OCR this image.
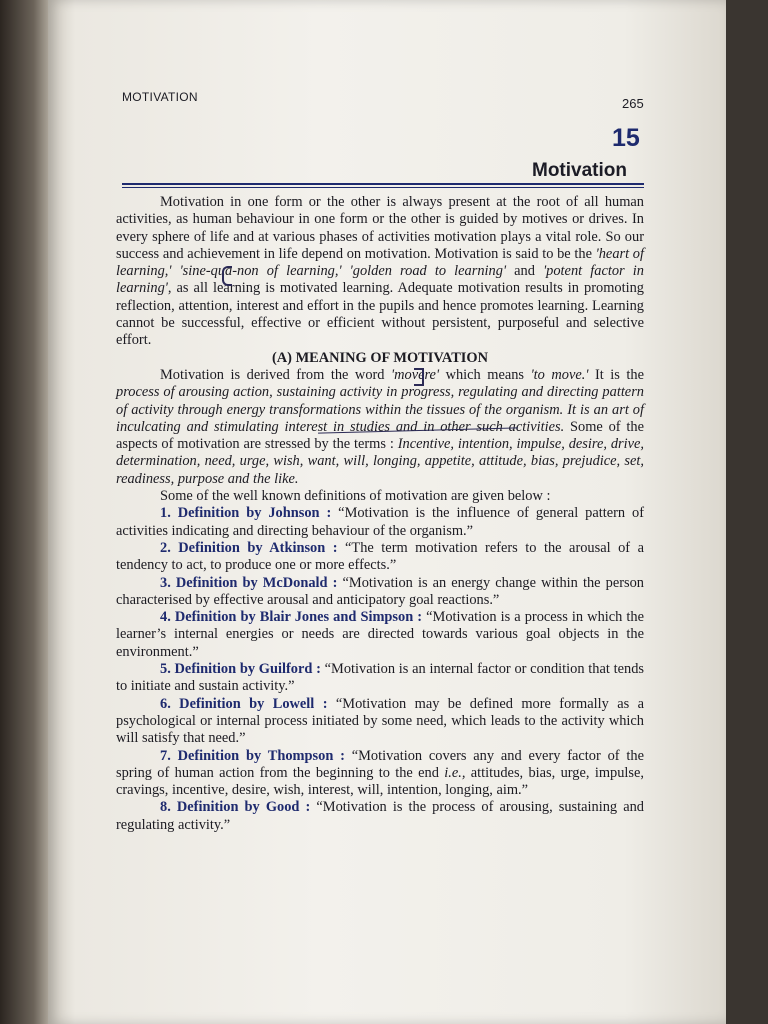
MOTIVATION	265
15
Motivation

Motivation in one form or the other is always present at the root of all human activities, as human behaviour in one form or the other is guided by motives or drives. In every sphere of life and at various phases of activities motivation plays a vital role. So our success and achievement in life depend on motivation. Motivation is said to be the 'heart of learning,' 'sine-qua-non of learning,' 'golden road to learning' and 'potent factor in learning', as all learning is motivated learning. Adequate motivation results in promoting reflection, attention, interest and effort in the pupils and hence promotes learning. Learning cannot be successful, effective or efficient without persistent, purposeful and selective effort.

(A) MEANING OF MOTIVATION

Motivation is derived from the word 'movere' which means 'to move.' It is the process of arousing action, sustaining activity in progress, regulating and directing pattern of activity through energy transformations within the tissues of the organism. It is an art of inculcating and stimulating interest in studies and in other such activities. Some of the aspects of motivation are stressed by the terms : Incentive, intention, impulse, desire, drive, determination, need, urge, wish, want, will, longing, appetite, attitude, bias, prejudice, set, readiness, purpose and the like.

Some of the well known definitions of motivation are given below :

1. Definition by Johnson : “Motivation is the influence of general pattern of activities indicating and directing behaviour of the organism.”

2. Definition by Atkinson : “The term motivation refers to the arousal of a tendency to act, to produce one or more effects.”

3. Definition by McDonald : “Motivation is an energy change within the person characterised by effective arousal and anticipatory goal reactions.”

4. Definition by Blair Jones and Simpson : “Motivation is a process in which the learner’s internal energies or needs are directed towards various goal objects in the environment.”

5. Definition by Guilford : “Motivation is an internal factor or condition that tends to initiate and sustain activity.”

6. Definition by Lowell : “Motivation may be defined more formally as a psychological or internal process initiated by some need, which leads to the activity which will satisfy that need.”

7. Definition by Thompson : “Motivation covers any and every factor of the spring of human action from the beginning to the end i.e., attitudes, bias, urge, impulse, cravings, incentive, desire, wish, interest, will, intention, longing, aim.”

8. Definition by Good : “Motivation is the process of arousing, sustaining and regulating activity.”
